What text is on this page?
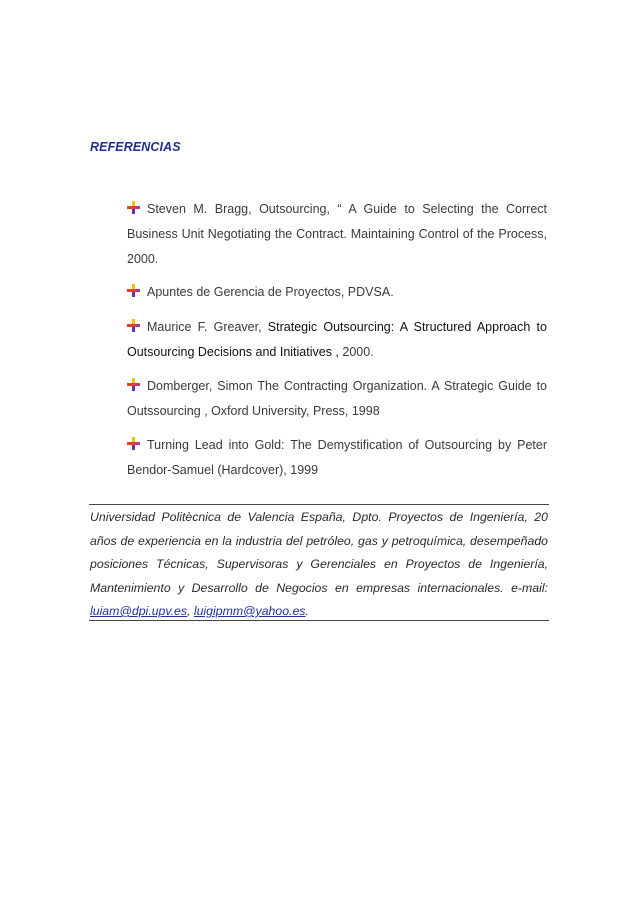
REFERENCIAS
Steven M. Bragg, Outsourcing, “ A Guide to Selecting the Correct Business Unit Negotiating the Contract. Maintaining Control of the Process, 2000.
Apuntes de Gerencia de Proyectos, PDVSA.
Maurice F. Greaver, Strategic Outsourcing: A Structured Approach to Outsourcing Decisions and Initiatives , 2000.
Domberger, Simon The Contracting Organization. A Strategic Guide to Outssourcing , Oxford University, Press, 1998
Turning Lead into Gold: The Demystification of Outsourcing by Peter Bendor-Samuel (Hardcover), 1999
Universidad Politècnica de Valencia España, Dpto. Proyectos de Ingeniería, 20 años de experiencia en la industria del petróleo, gas y petroquímica, desempeñado posiciones Técnicas, Supervisoras y Gerenciales en Proyectos de Ingeniería, Mantenimiento y Desarrollo de Negocios en empresas internacionales. e-mail: luiam@dpi.upv.es, luigipmm@yahoo.es.
